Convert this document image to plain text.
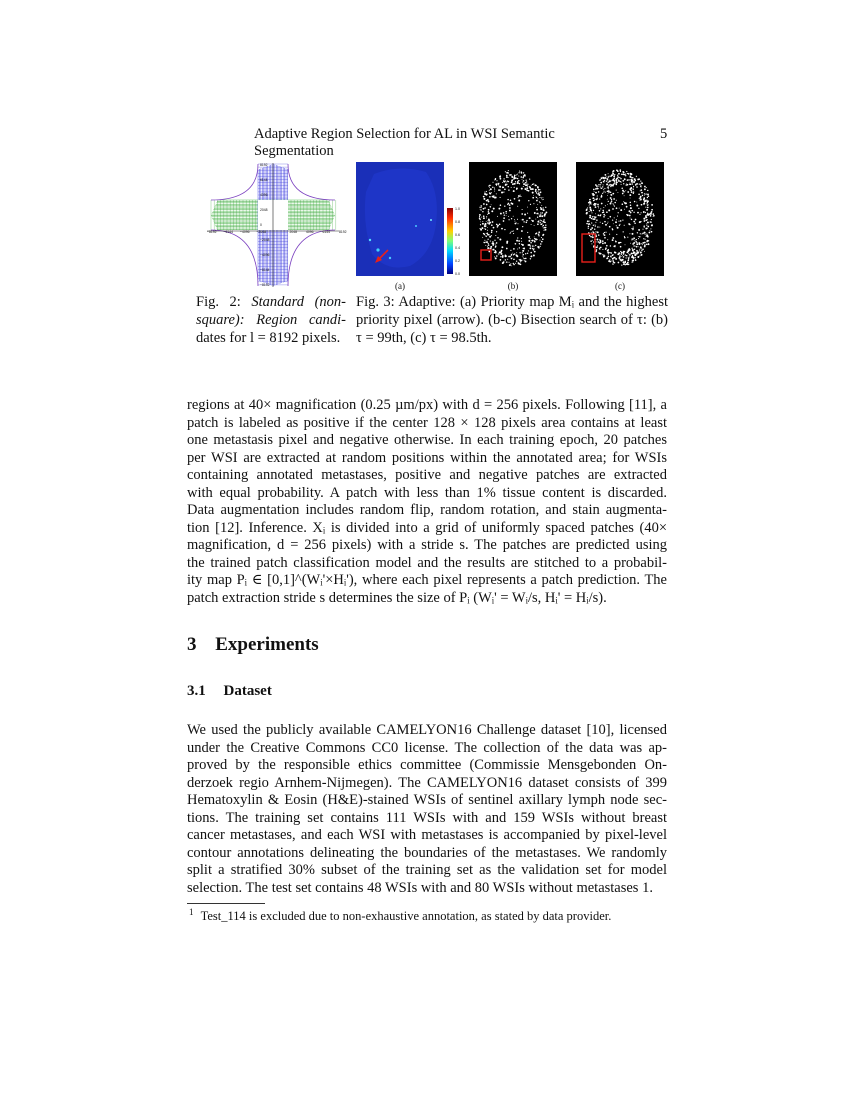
Adaptive Region Selection for AL in WSI Semantic Segmentation
5
−8192 −6144 −4096 −2048	2048	4096	6144	8192
8192
6144
4096
2048
0
−2048
−4096
−6144
−8192
1.0
0.8
0.6
0.4
0.2
0.0
(a)	(b)	(c)
Fig. 2: Standard (non-
square): Region candi-
dates for l = 8192 pixels.
Fig. 3: Adaptive: (a) Priority map Mᵢ and the highest
priority pixel (arrow). (b-c) Bisection search of τ: (b)
τ = 99th, (c) τ = 98.5th.
regions at 40× magnification (0.25 µm/px) with d = 256 pixels. Following [11], a
patch is labeled as positive if the center 128 × 128 pixels area contains at least
one metastasis pixel and negative otherwise. In each training epoch, 20 patches
per WSI are extracted at random positions within the annotated area; for WSIs
containing annotated metastases, positive and negative patches are extracted
with equal probability. A patch with less than 1% tissue content is discarded.
Data augmentation includes random flip, random rotation, and stain augmenta-
tion [12]. Inference. Xᵢ is divided into a grid of uniformly spaced patches (40×
magnification, d = 256 pixels) with a stride s. The patches are predicted using
the trained patch classification model and the results are stitched to a probabil-
ity map Pᵢ ∈ [0,1]^(Wᵢ'×Hᵢ'), where each pixel represents a patch prediction. The
patch extraction stride s determines the size of Pᵢ (Wᵢ' = Wᵢ/s, Hᵢ' = Hᵢ/s).
3 Experiments
3.1 Dataset
We used the publicly available CAMELYON16 Challenge dataset [10], licensed
under the Creative Commons CC0 license. The collection of the data was ap-
proved by the responsible ethics committee (Commissie Mensgebonden On-
derzoek regio Arnhem-Nijmegen). The CAMELYON16 dataset consists of 399
Hematoxylin & Eosin (H&E)-stained WSIs of sentinel axillary lymph node sec-
tions. The training set contains 111 WSIs with and 159 WSIs without breast
cancer metastases, and each WSI with metastases is accompanied by pixel-level
contour annotations delineating the boundaries of the metastases. We randomly
split a stratified 30% subset of the training set as the validation set for model
selection. The test set contains 48 WSIs with and 80 WSIs without metastases 1.
$^1$ Test_114 is excluded due to non-exhaustive annotation, as stated by data provider.
